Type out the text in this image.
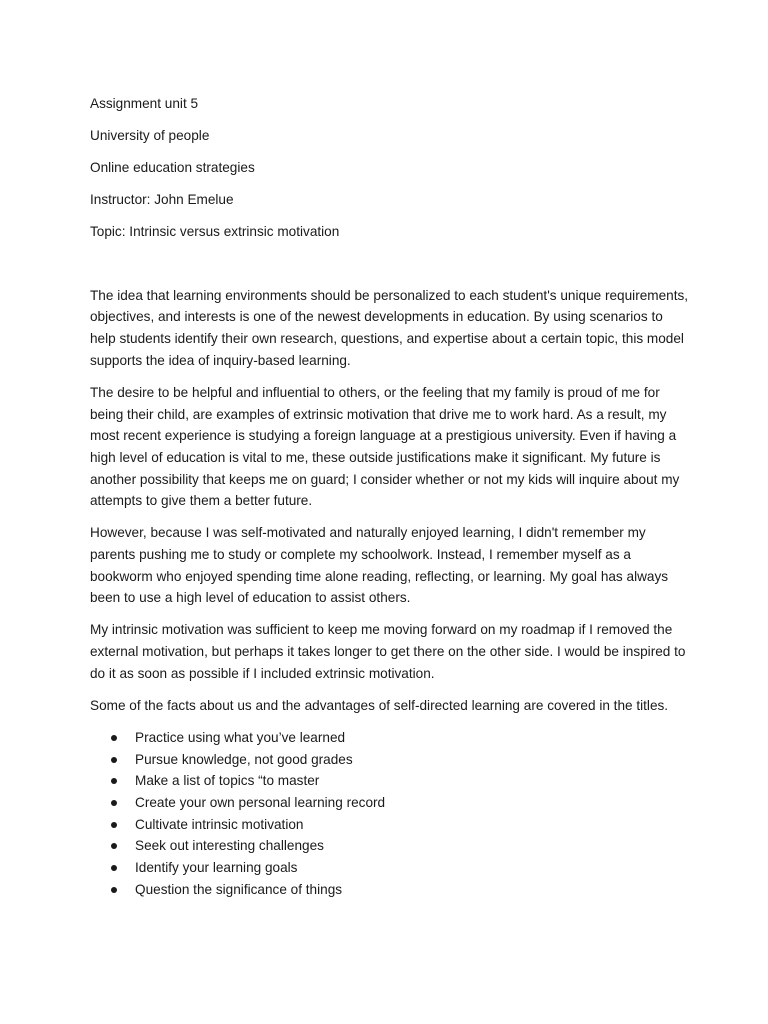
Assignment unit 5

University of people

Online education strategies

Instructor: John Emelue

Topic: Intrinsic versus extrinsic motivation

The idea that learning environments should be personalized to each student's unique requirements, objectives, and interests is one of the newest developments in education. By using scenarios to help students identify their own research, questions, and expertise about a certain topic, this model supports the idea of inquiry-based learning.

The desire to be helpful and influential to others, or the feeling that my family is proud of me for being their child, are examples of extrinsic motivation that drive me to work hard. As a result, my most recent experience is studying a foreign language at a prestigious university. Even if having a high level of education is vital to me, these outside justifications make it significant. My future is another possibility that keeps me on guard; I consider whether or not my kids will inquire about my attempts to give them a better future.

However, because I was self-motivated and naturally enjoyed learning, I didn't remember my parents pushing me to study or complete my schoolwork. Instead, I remember myself as a bookworm who enjoyed spending time alone reading, reflecting, or learning. My goal has always been to use a high level of education to assist others.

My intrinsic motivation was sufficient to keep me moving forward on my roadmap if I removed the external motivation, but perhaps it takes longer to get there on the other side. I would be inspired to do it as soon as possible if I included extrinsic motivation.

Some of the facts about us and the advantages of self-directed learning are covered in the titles.

Practice using what you’ve learned
Pursue knowledge, not good grades
Make a list of topics “to master
Create your own personal learning record
Cultivate intrinsic motivation
Seek out interesting challenges
Identify your learning goals
Question the significance of things
